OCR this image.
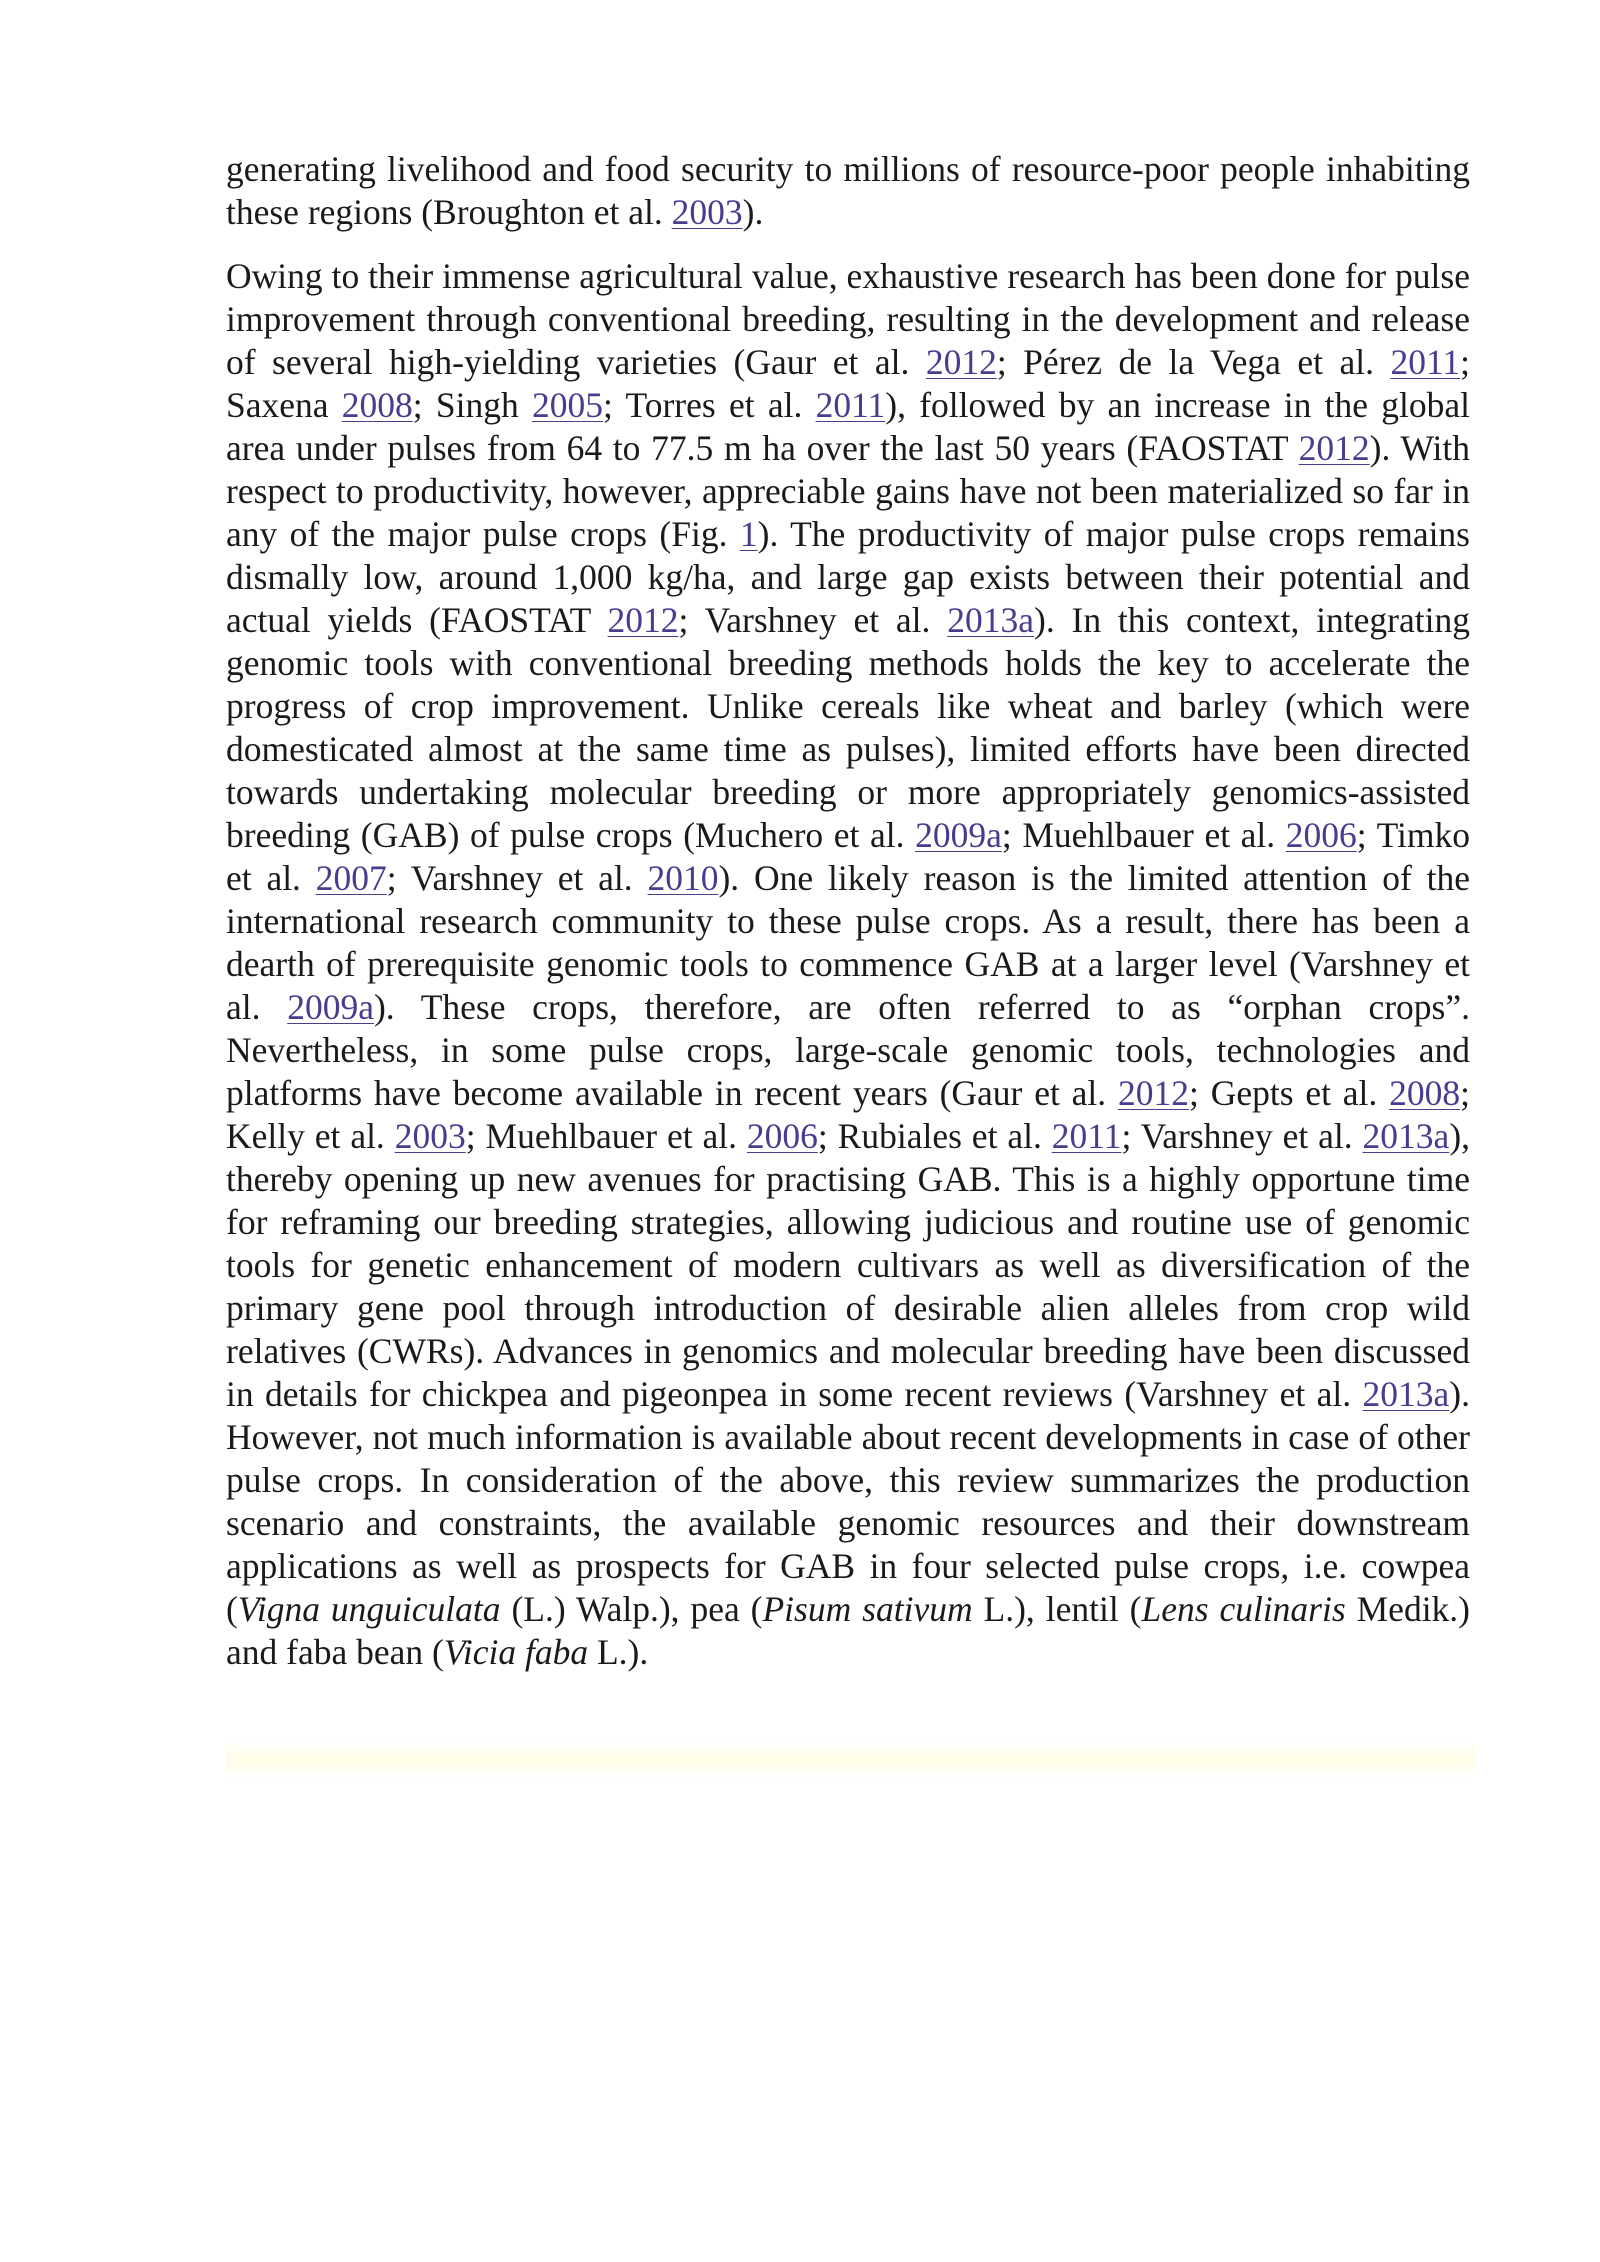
generating livelihood and food security to millions of resource-poor people inhabiting these regions (Broughton et al. 2003).

Owing to their immense agricultural value, exhaustive research has been done for pulse improvement through conventional breeding, resulting in the development and release of several high-yielding varieties (Gaur et al. 2012; Pérez de la Vega et al. 2011; Saxena 2008; Singh 2005; Torres et al. 2011), followed by an increase in the global area under pulses from 64 to 77.5 m ha over the last 50 years (FAOSTAT 2012). With respect to productivity, however, appreciable gains have not been materialized so far in any of the major pulse crops (Fig. 1). The productivity of major pulse crops remains dismally low, around 1,000 kg/ha, and large gap exists between their potential and actual yields (FAOSTAT 2012; Varshney et al. 2013a). In this context, integrating genomic tools with conventional breeding methods holds the key to accelerate the progress of crop improvement. Unlike cereals like wheat and barley (which were domesticated almost at the same time as pulses), limited efforts have been directed towards undertaking molecular breeding or more appropriately genomics-assisted breeding (GAB) of pulse crops (Muchero et al. 2009a; Muehlbauer et al. 2006; Timko et al. 2007; Varshney et al. 2010). One likely reason is the limited attention of the international research community to these pulse crops. As a result, there has been a dearth of prerequisite genomic tools to commence GAB at a larger level (Varshney et al. 2009a). These crops, therefore, are often referred to as “orphan crops”. Nevertheless, in some pulse crops, large-scale genomic tools, technologies and platforms have become available in recent years (Gaur et al. 2012; Gepts et al. 2008; Kelly et al. 2003; Muehlbauer et al. 2006; Rubiales et al. 2011; Varshney et al. 2013a), thereby opening up new avenues for practising GAB. This is a highly opportune time for reframing our breeding strategies, allowing judicious and routine use of genomic tools for genetic enhancement of modern cultivars as well as diversification of the primary gene pool through introduction of desirable alien alleles from crop wild relatives (CWRs). Advances in genomics and molecular breeding have been discussed in details for chickpea and pigeonpea in some recent reviews (Varshney et al. 2013a). However, not much information is available about recent developments in case of other pulse crops. In consideration of the above, this review summarizes the production scenario and constraints, the available genomic resources and their downstream applications as well as prospects for GAB in four selected pulse crops, i.e. cowpea (Vigna unguiculata (L.) Walp.), pea (Pisum sativum L.), lentil (Lens culinaris Medik.) and faba bean (Vicia faba L.).
